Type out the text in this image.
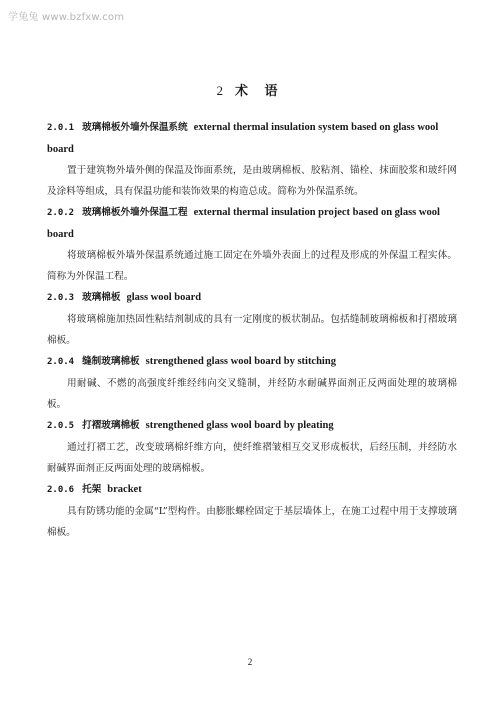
学兔兔 www.bzfxw.com
2 术 语
2.0.1 玻璃棉板外墙外保温系统 external thermal insulation system based on glass wool board
置于建筑物外墙外侧的保温及饰面系统，是由玻璃棉板、胶粘剂、锚栓、抹面胶浆和玻纤网及涂料等组成，具有保温功能和装饰效果的构造总成。简称为外保温系统。
2.0.2 玻璃棉板外墙外保温工程 external thermal insulation project based on glass wool board
将玻璃棉板外墙外保温系统通过施工固定在外墙外表面上的过程及形成的外保温工程实体。简称为外保温工程。
2.0.3 玻璃棉板 glass wool board
将玻璃棉施加热固性粘结剂制成的具有一定刚度的板状制品。包括缝制玻璃棉板和打褶玻璃棉板。
2.0.4 缝制玻璃棉板 strengthened glass wool board by stitching
用耐碱、不燃的高强度纤维经纬向交叉缝制，并经防水耐碱界面剂正反两面处理的玻璃棉板。
2.0.5 打褶玻璃棉板 strengthened glass wool board by pleating
通过打褶工艺，改变玻璃棉纤维方向，使纤维褶皱相互交叉形成板状，后经压制，并经防水耐碱界面剂正反两面处理的玻璃棉板。
2.0.6 托架 bracket
具有防锈功能的金属“L”型构件。由膨胀螺栓固定于基层墙体上，在施工过程中用于支撑玻璃棉板。
2
